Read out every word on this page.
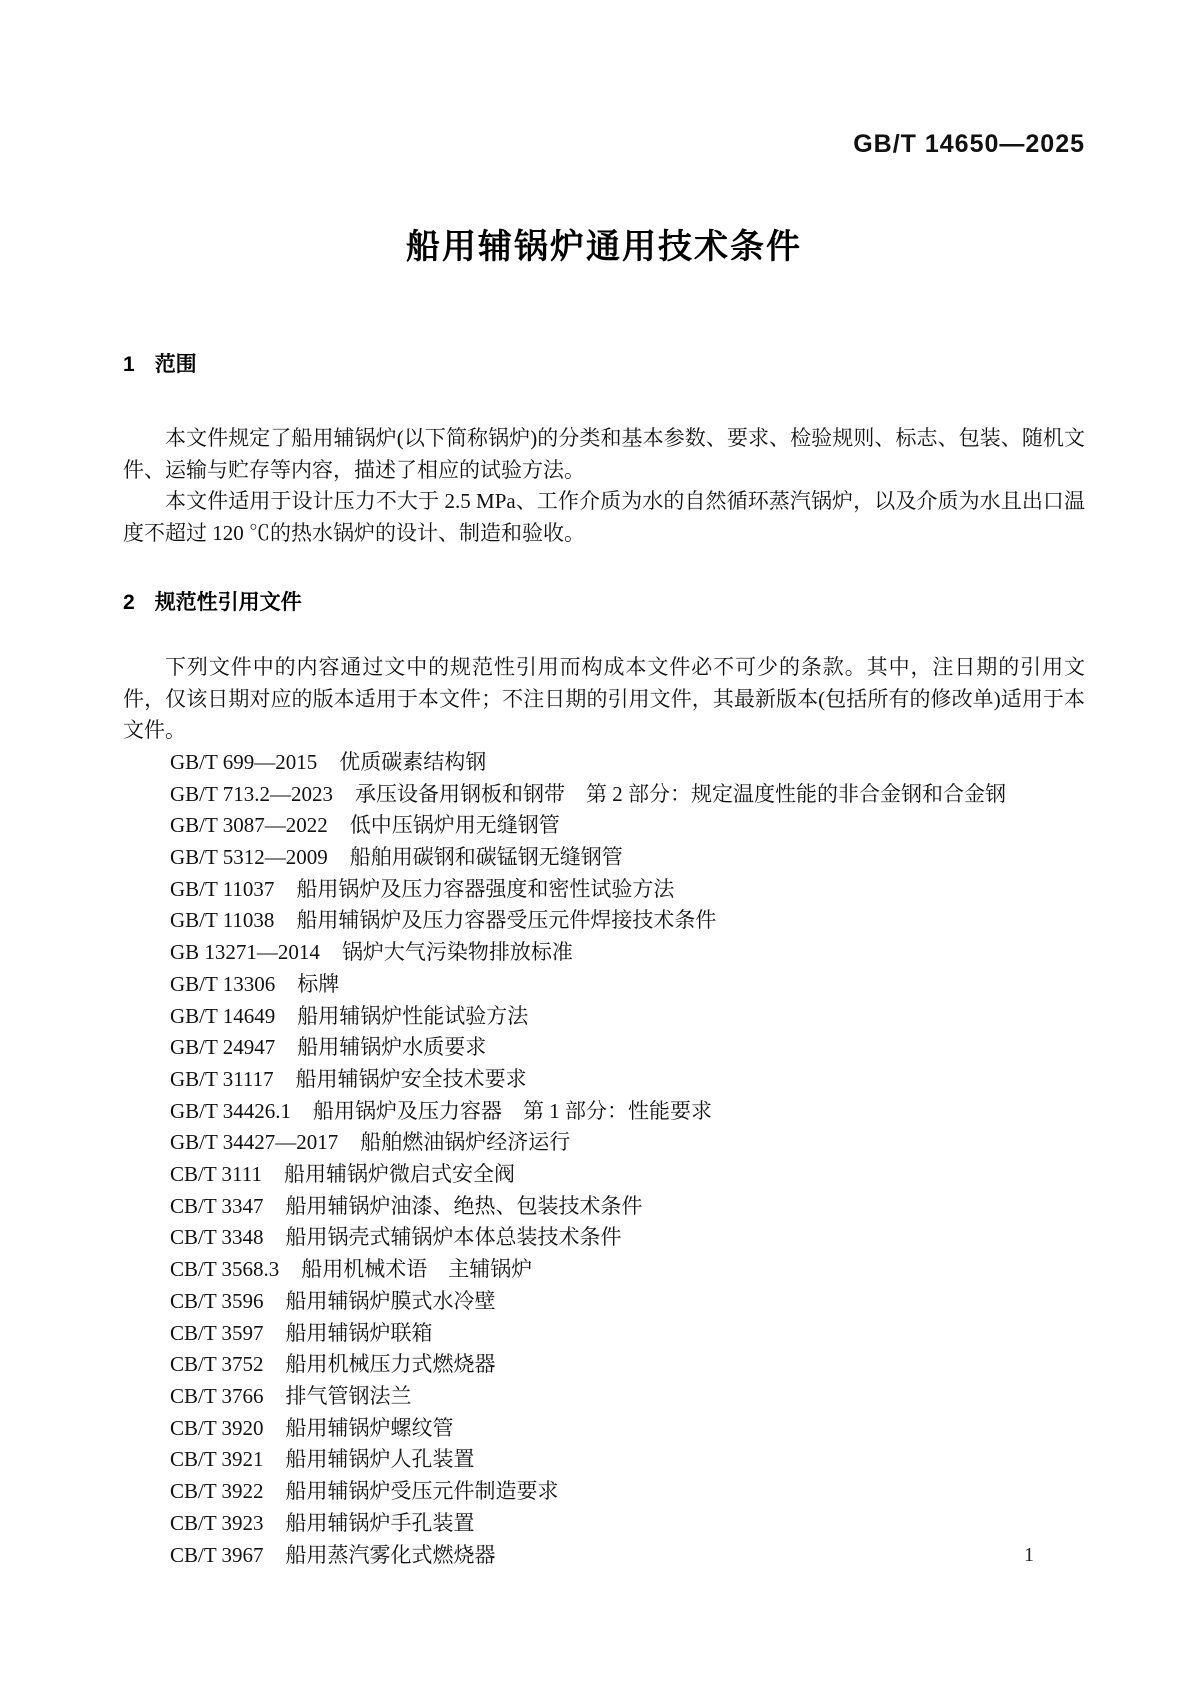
GB/T 14650—2025
船用辅锅炉通用技术条件
1 范围

本文件规定了船用辅锅炉(以下简称锅炉)的分类和基本参数、要求、检验规则、标志、包装、随机文件、运输与贮存等内容，描述了相应的试验方法。

本文件适用于设计压力不大于 2.5 MPa、工作介质为水的自然循环蒸汽锅炉，以及介质为水且出口温度不超过 120 ℃的热水锅炉的设计、制造和验收。

2 规范性引用文件

下列文件中的内容通过文中的规范性引用而构成本文件必不可少的条款。其中，注日期的引用文件，仅该日期对应的版本适用于本文件；不注日期的引用文件，其最新版本(包括所有的修改单)适用于本文件。

GB/T 699—2015 优质碳素结构钢
GB/T 713.2—2023 承压设备用钢板和钢带　第 2 部分：规定温度性能的非合金钢和合金钢
GB/T 3087—2022 低中压锅炉用无缝钢管
GB/T 5312—2009 船舶用碳钢和碳锰钢无缝钢管
GB/T 11037 船用锅炉及压力容器强度和密性试验方法
GB/T 11038 船用辅锅炉及压力容器受压元件焊接技术条件
GB 13271—2014 锅炉大气污染物排放标准
GB/T 13306 标牌
GB/T 14649 船用辅锅炉性能试验方法
GB/T 24947 船用辅锅炉水质要求
GB/T 31117 船用辅锅炉安全技术要求
GB/T 34426.1 船用锅炉及压力容器　第 1 部分：性能要求
GB/T 34427—2017 船舶燃油锅炉经济运行
CB/T 3111 船用辅锅炉微启式安全阀
CB/T 3347 船用辅锅炉油漆、绝热、包装技术条件
CB/T 3348 船用锅壳式辅锅炉本体总装技术条件
CB/T 3568.3 船用机械术语　主辅锅炉
CB/T 3596 船用辅锅炉膜式水冷壁
CB/T 3597 船用辅锅炉联箱
CB/T 3752 船用机械压力式燃烧器
CB/T 3766 排气管钢法兰
CB/T 3920 船用辅锅炉螺纹管
CB/T 3921 船用辅锅炉人孔装置
CB/T 3922 船用辅锅炉受压元件制造要求
CB/T 3923 船用辅锅炉手孔装置
CB/T 3967 船用蒸汽雾化式燃烧器	1
